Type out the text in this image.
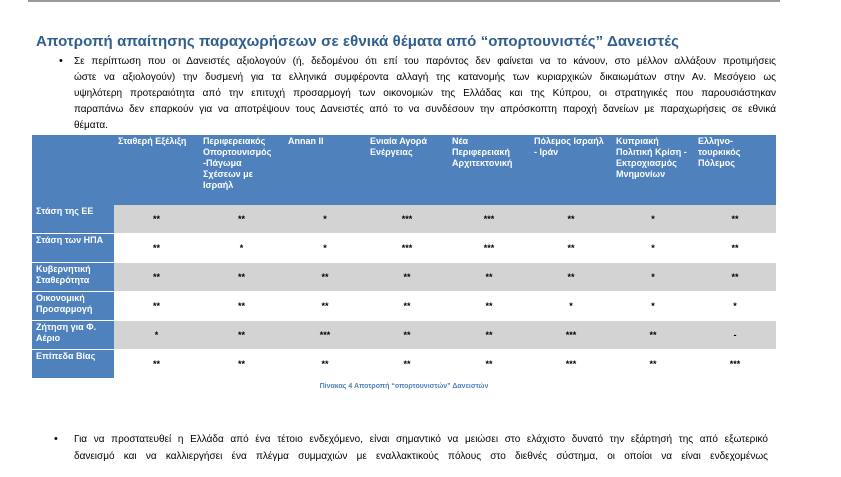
Αποτροπή απαίτησης παραχωρήσεων σε εθνικά θέματα από “οπορτουνιστές” Δανειστές
• Σε περίπτωση που οι Δανειστές αξιολογούν (ή, δεδομένου ότι επί του παρόντος δεν φαίνεται να το κάνουν, στο μέλλον αλλάξουν προτιμήσεις
ώστε να αξιολογούν) την δυσμενή για τα ελληνικά συμφέροντα αλλαγή της κατανομής των κυριαρχικών δικαιωμάτων στην Αν. Μεσόγειο ως
υψηλότερη προτεραιότητα από την επιτυχή προσαρμογή των οικονομιών της Ελλάδας και της Κύπρου, οι στρατηγικές που παρουσιάστηκαν
παραπάνω δεν επαρκούν για να αποτρέψουν τους Δανειστές από το να συνδέσουν την απρόσκοπτη παροχή δανείων με παραχωρήσεις σε εθνικά
θέματα.
	Σταθερή Εξέλιξη	Περιφερειακός Οπορτουνισμός -Πάγωμα Σχέσεων με Ισραήλ	Αnnan II	Ενιαία Αγορά Ενέργειας	Νέα Περιφερειακή Αρχιτεκτονική	Πόλεμος Ισραήλ - Ιράν	Κυπριακή Πολιτική Κρίση - Εκτροχιασμός Μνημονίων	Ελληνο-τουρκικός Πόλεμος
Στάση της ΕΕ	**	**	*	***	***	**	*	**
Στάση των ΗΠΑ	**	*	*	***	***	**	*	**
Κυβερνητική Σταθερότητα	**	**	**	**	**	**	*	**
Οικονομική Προσαρμογή	**	**	**	**	**	*	*	*
Ζήτηση για Φ. Αέριο	*	**	***	**	**	***	**	-
Επίπεδα Βίας	**	**	**	**	**	***	**	***
Πίνακας 4 Αποτροπή “οπορτουνιστών” Δανειστών
• Για να προστατευθεί η Ελλάδα από ένα τέτοιο ενδεχόμενο, είναι σημαντικό να μειώσει στο ελάχιστο δυνατό την εξάρτησή της από εξωτερικό
δανεισμό και να καλλιεργήσει ένα πλέγμα συμμαχιών με εναλλακτικούς πόλους στο διεθνές σύστημα, οι οποίοι να είναι ενδεχομένως
